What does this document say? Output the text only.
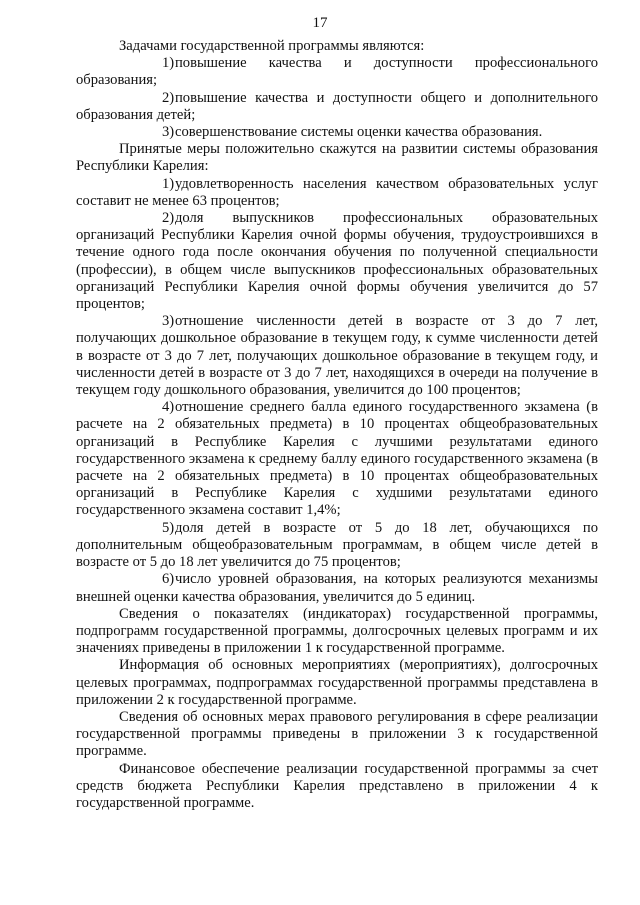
17

Задачами государственной программы являются:

1)повышение качества и доступности профессионального образования;

2)повышение качества и доступности общего и дополнительного образования детей;

3)совершенствование системы оценки качества образования.

Принятые меры положительно скажутся на развитии системы образования Республики Карелия:

1)удовлетворенность населения качеством образовательных услуг составит не менее 63 процентов;

2)доля выпускников профессиональных образовательных организаций Республики Карелия очной формы обучения, трудоустроившихся в течение одного года после окончания обучения по полученной специальности (профессии), в общем числе выпускников профессиональных образовательных организаций Республики Карелия очной формы обучения увеличится до 57 процентов;

3)отношение численности детей в возрасте от 3 до 7 лет, получающих дошкольное образование в текущем году, к сумме численности детей в возрасте от 3 до 7 лет, получающих дошкольное образование в текущем году, и численности детей в возрасте от 3 до 7 лет, находящихся в очереди на получение в текущем году дошкольного образования, увеличится до 100 процентов;

4)отношение среднего балла единого государственного экзамена (в расчете на 2 обязательных предмета) в 10 процентах общеобразовательных организаций в Республике Карелия с лучшими результатами единого государственного экзамена к среднему баллу единого государственного экзамена (в расчете на 2 обязательных предмета) в 10 процентах общеобразовательных организаций в Республике Карелия с худшими результатами единого государственного экзамена составит 1,4%;

5)доля детей в возрасте от 5 до 18 лет, обучающихся по дополнительным общеобразовательным программам, в общем числе детей в возрасте от 5 до 18 лет увеличится до 75 процентов;

6)число уровней образования, на которых реализуются механизмы внешней оценки качества образования, увеличится до 5 единиц.

Сведения о показателях (индикаторах) государственной программы, подпрограмм государственной программы, долгосрочных целевых программ и их значениях приведены в приложении 1 к государственной программе.

Информация об основных мероприятиях (мероприятиях), долгосрочных целевых программах, подпрограммах государственной программы представлена в приложении 2 к государственной программе.

Сведения об основных мерах правового регулирования в сфере реализации государственной программы приведены в приложении 3 к государственной программе.

Финансовое обеспечение реализации государственной программы за счет средств бюджета Республики Карелия представлено в приложении 4 к государственной программе.
